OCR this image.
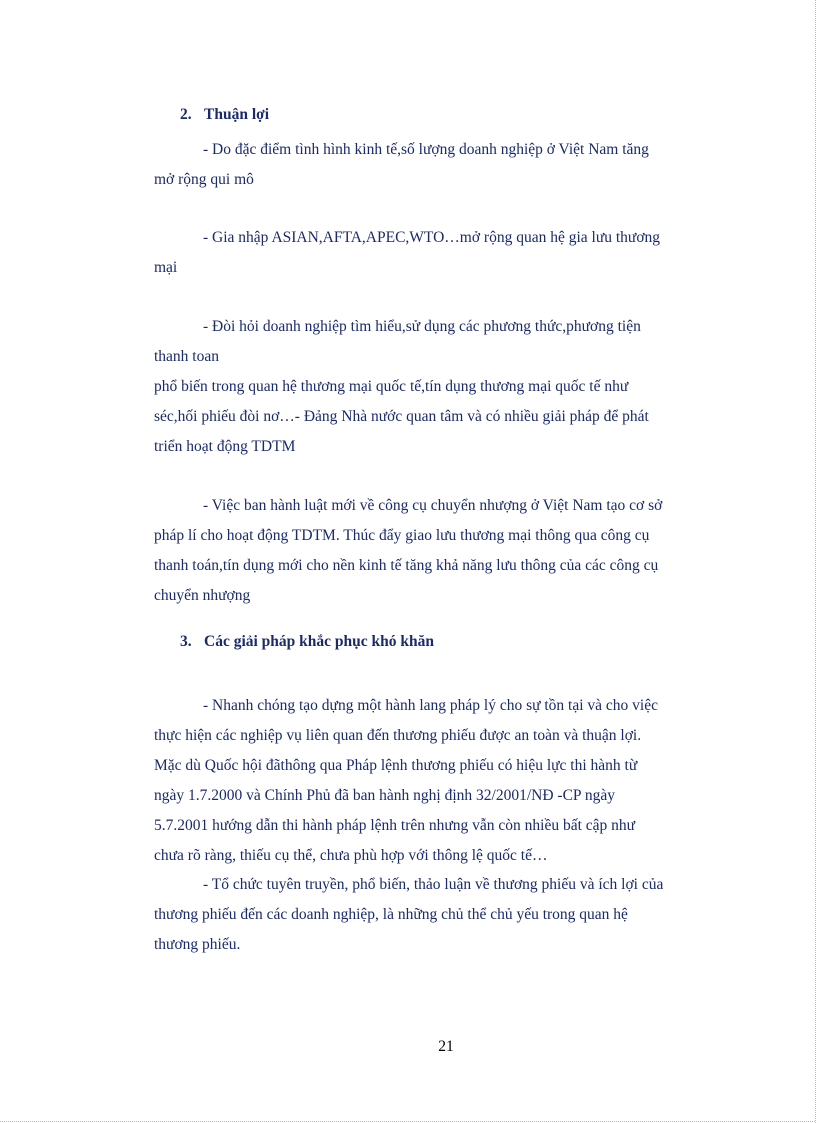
2. Thuận lợi
- Do đặc điểm tình hình kinh tế,số lượng doanh nghiệp ở Việt Nam tăng
mở rộng qui mô
- Gia nhập ASIAN,AFTA,APEC,WTO…mở rộng quan hệ gia lưu thương
mại
- Đòi hỏi doanh nghiệp tìm hiểu,sử dụng các phương thức,phương tiện
thanh toan
phổ biến trong quan hệ thương mại quốc tế,tín dụng thương mại quốc tế như
séc,hối phiếu đòi nơ…- Đảng Nhà nước quan tâm và có nhiều giải pháp để phát
triển hoạt động TDTM
- Việc ban hành luật mới về công cụ chuyển nhượng ở Việt Nam tạo cơ sở
pháp lí cho hoạt động TDTM. Thúc đẩy giao lưu thương mại thông qua công cụ
thanh toán,tín dụng mới cho nền kinh tế tăng khả năng lưu thông của các công cụ
chuyển nhượng
3. Các giải pháp khắc phục khó khăn
- Nhanh chóng tạo dựng một hành lang pháp lý cho sự tồn tại và cho việc
thực hiện các nghiệp vụ liên quan đến thương phiếu được an toàn và thuận lợi.
Mặc dù Quốc hội đãthông qua Pháp lệnh thương phiếu có hiệu lực thi hành từ
ngày 1.7.2000 và Chính Phủ đã ban hành nghị định 32/2001/NĐ -CP ngày
5.7.2001 hướng dẫn thi hành pháp lệnh trên nhưng vẫn còn nhiều bất cập như
chưa rõ ràng, thiếu cụ thể, chưa phù hợp với thông lệ quốc tế…
- Tổ chức tuyên truyền, phổ biến, thảo luận về thương phiếu và ích lợi của
thương phiếu đến các doanh nghiệp, là những chủ thể chủ yếu trong quan hệ
thương phiếu.
21
